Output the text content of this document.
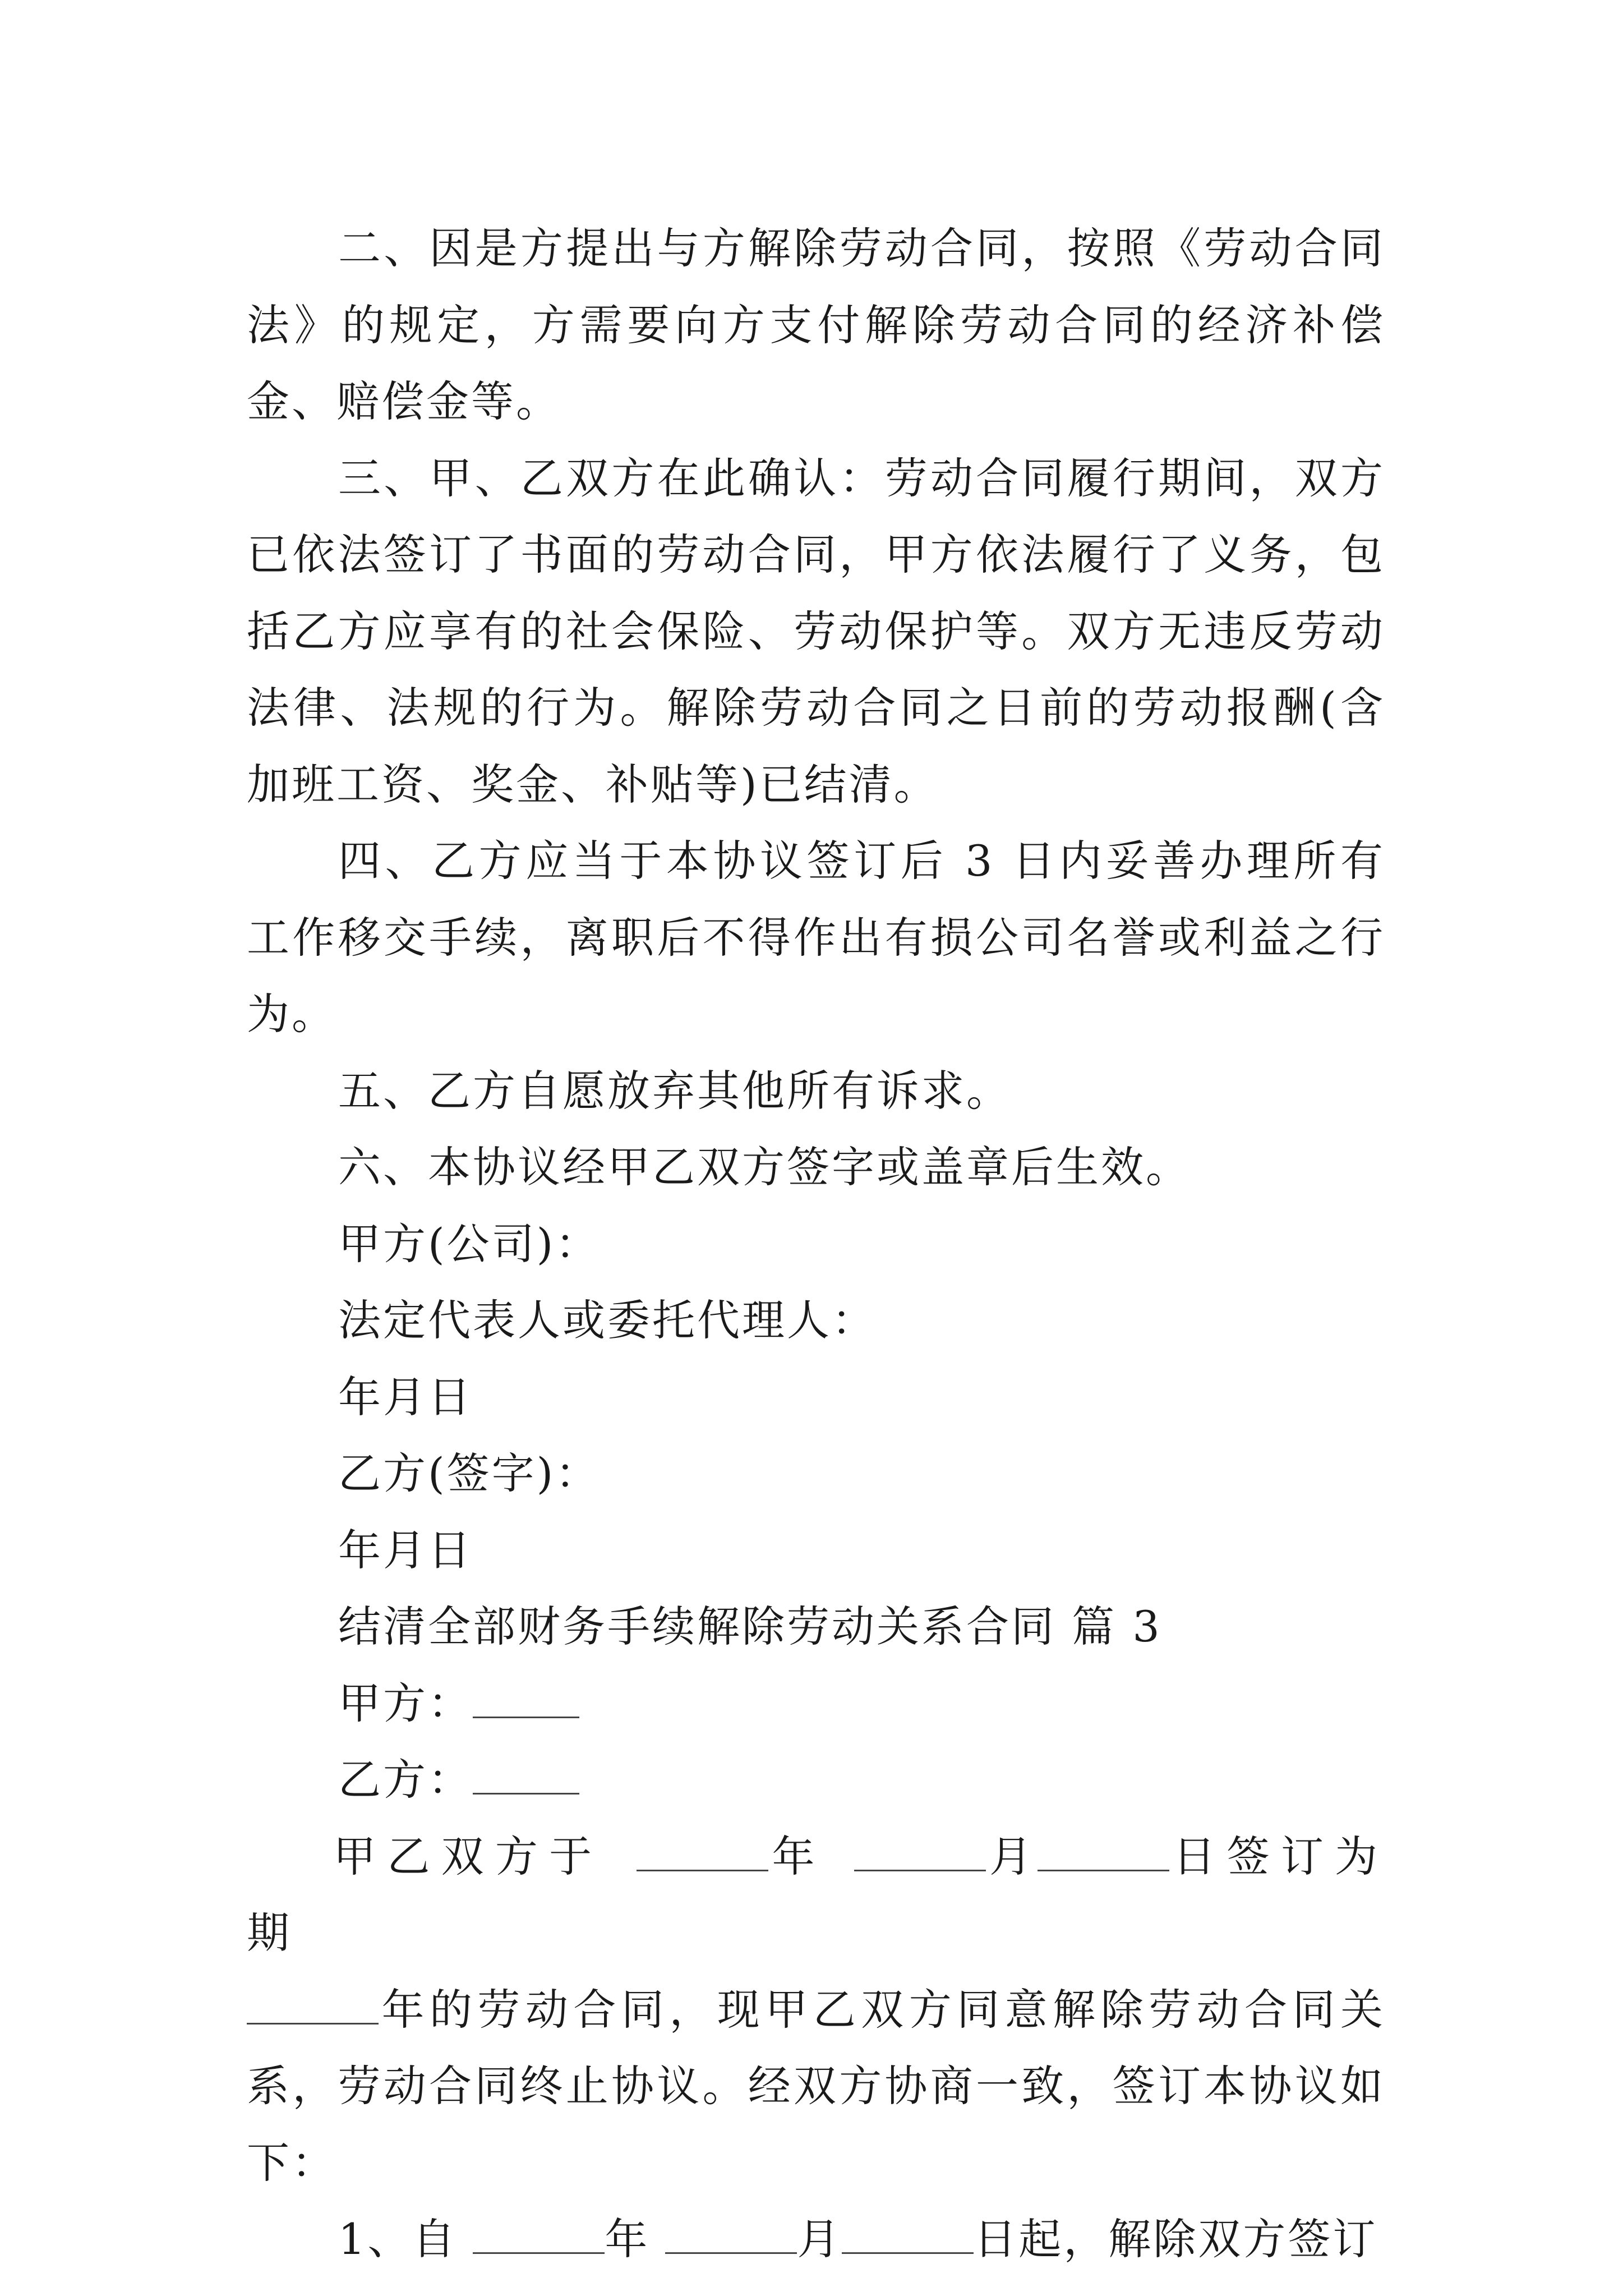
二、因是方提出与方解除劳动合同，按照《劳动合同法》的规定，方需要向方支付解除劳动合同的经济补偿金、赔偿金等。

三、甲、乙双方在此确认：劳动合同履行期间，双方已依法签订了书面的劳动合同，甲方依法履行了义务，包括乙方应享有的社会保险、劳动保护等。双方无违反劳动法律、法规的行为。解除劳动合同之日前的劳动报酬(含加班工资、奖金、补贴等)已结清。

四、乙方应当于本协议签订后 3 日内妥善办理所有工作移交手续，离职后不得作出有损公司名誉或利益之行为。

五、乙方自愿放弃其他所有诉求。

六、本协议经甲乙双方签字或盖章后生效。

甲方(公司)：

法定代表人或委托代理人：

年月日

乙方(签字)：

年月日

结清全部财务手续解除劳动关系合同 篇 3

甲方：

乙方：

甲乙双方于	年	月	日签订为期
年的劳动合同，现甲乙双方同意解除劳动合同关系，劳动合同终止协议。经双方协商一致，签订本协议如下：

1、自	年	月	日起，解除双方签订
